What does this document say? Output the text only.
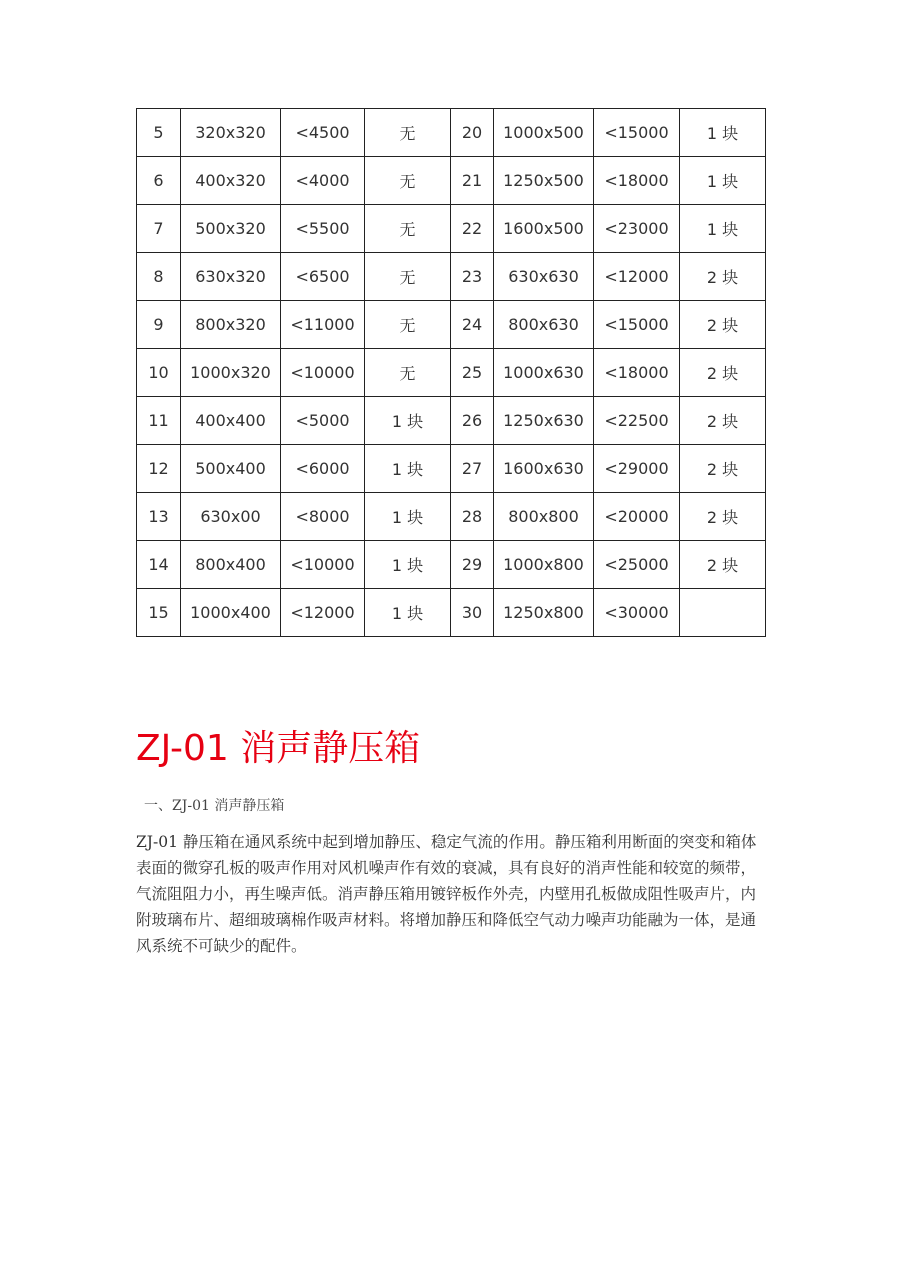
5	320x320	<4500	无	20	1000x500	<15000	1 块
6	400x320	<4000	无	21	1250x500	<18000	1 块
7	500x320	<5500	无	22	1600x500	<23000	1 块
8	630x320	<6500	无	23	630x630	<12000	2 块
9	800x320	<11000	无	24	800x630	<15000	2 块
10	1000x320	<10000	无	25	1000x630	<18000	2 块
11	400x400	<5000	1 块	26	1250x630	<22500	2 块
12	500x400	<6000	1 块	27	1600x630	<29000	2 块
13	630x00	<8000	1 块	28	800x800	<20000	2 块
14	800x400	<10000	1 块	29	1000x800	<25000	2 块
15	1000x400	<12000	1 块	30	1250x800	<30000	
ZJ-01 消声静压箱

一、ZJ-01 消声静压箱

ZJ-01 静压箱在通风系统中起到增加静压、稳定气流的作用。静压箱利用断面的突变和箱体表面的微穿孔板的吸声作用对风机噪声作有效的衰减，具有良好的消声性能和较宽的频带，气流阻阻力小，再生噪声低。消声静压箱用镀锌板作外壳，内壁用孔板做成阻性吸声片，内附玻璃布片、超细玻璃棉作吸声材料。将增加静压和降低空气动力噪声功能融为一体，是通风系统不可缺少的配件。
